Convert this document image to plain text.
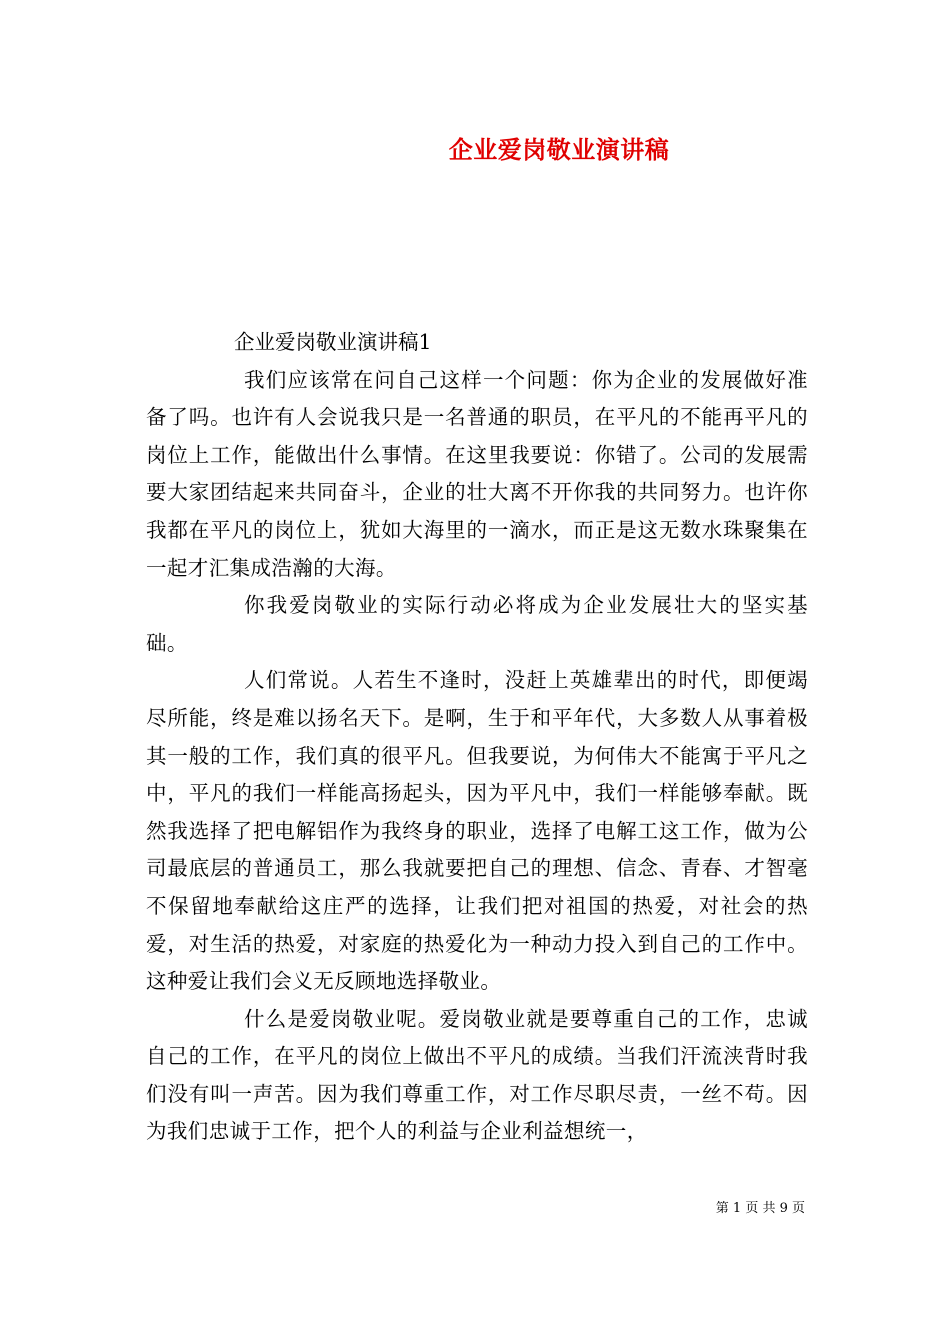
企业爱岗敬业演讲稿

企业爱岗敬业演讲稿1

我们应该常在问自己这样一个问题：你为企业的发展做好准备了吗。也许有人会说我只是一名普通的职员，在平凡的不能再平凡的岗位上工作，能做出什么事情。在这里我要说：你错了。公司的发展需要大家团结起来共同奋斗，企业的壮大离不开你我的共同努力。也许你我都在平凡的岗位上，犹如大海里的一滴水，而正是这无数水珠聚集在一起才汇集成浩瀚的大海。

你我爱岗敬业的实际行动必将成为企业发展壮大的坚实基础。

人们常说。人若生不逢时，没赶上英雄辈出的时代，即便竭尽所能，终是难以扬名天下。是啊，生于和平年代，大多数人从事着极其一般的工作，我们真的很平凡。但我要说，为何伟大不能寓于平凡之中，平凡的我们一样能高扬起头，因为平凡中，我们一样能够奉献。既然我选择了把电解铝作为我终身的职业，选择了电解工这工作，做为公司最底层的普通员工，那么我就要把自己的理想、信念、青春、才智毫不保留地奉献给这庄严的选择，让我们把对祖国的热爱，对社会的热爱，对生活的热爱，对家庭的热爱化为一种动力投入到自己的工作中。这种爱让我们会义无反顾地选择敬业。

什么是爱岗敬业呢。爱岗敬业就是要尊重自己的工作，忠诚自己的工作，在平凡的岗位上做出不平凡的成绩。当我们汗流浃背时我们没有叫一声苦。因为我们尊重工作，对工作尽职尽责，一丝不苟。因为我们忠诚于工作，把个人的利益与企业利益想统一，

第 1 页 共 9 页
